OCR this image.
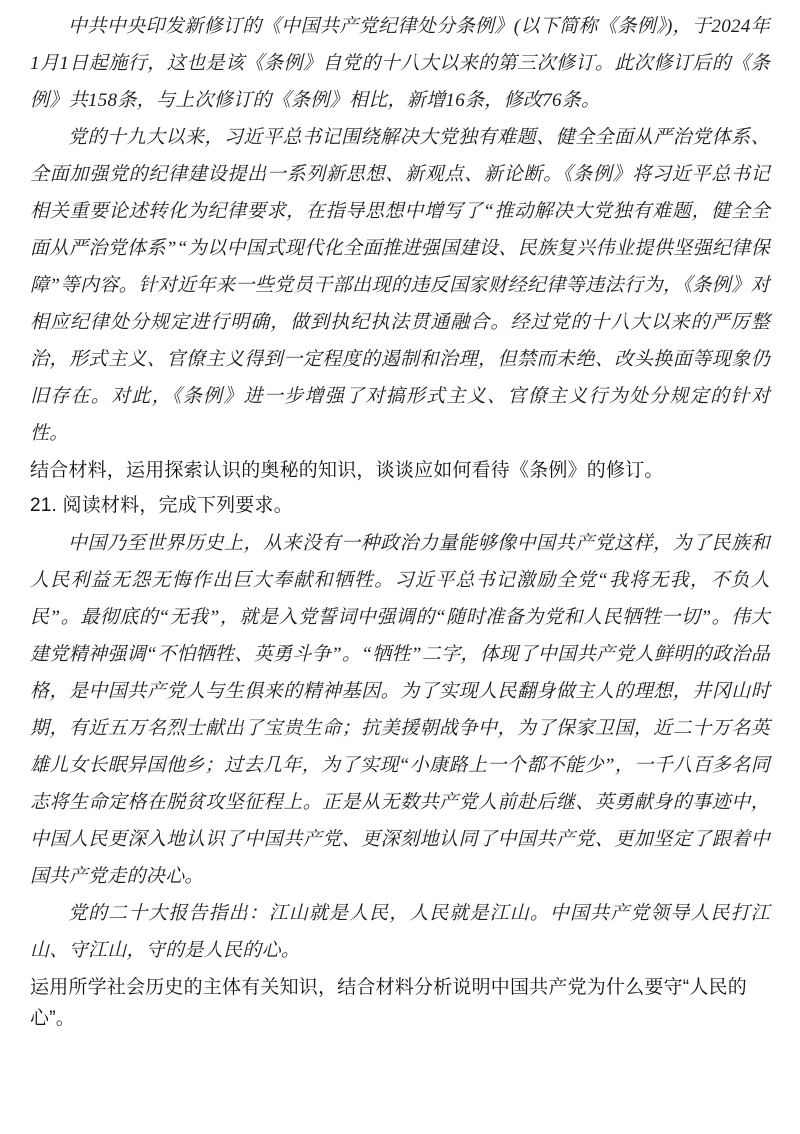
中共中央印发新修订的《中国共产党纪律处分条例》(以下简称《条例》)，于2024年1月1日起施行，这也是该《条例》自党的十八大以来的第三次修订。此次修订后的《条例》共158条，与上次修订的《条例》相比，新增16条，修改76条。

党的十九大以来，习近平总书记围绕解决大党独有难题、健全全面从严治党体系、全面加强党的纪律建设提出一系列新思想、新观点、新论断。《条例》将习近平总书记相关重要论述转化为纪律要求，在指导思想中增写了“推动解决大党独有难题，健全全面从严治党体系”“为以中国式现代化全面推进强国建设、民族复兴伟业提供坚强纪律保障”等内容。针对近年来一些党员干部出现的违反国家财经纪律等违法行为，《条例》对相应纪律处分规定进行明确，做到执纪执法贯通融合。经过党的十八大以来的严厉整治，形式主义、官僚主义得到一定程度的遏制和治理，但禁而未绝、改头换面等现象仍旧存在。对此，《条例》进一步增强了对搞形式主义、官僚主义行为处分规定的针对性。

结合材料，运用探索认识的奥秘的知识，谈谈应如何看待《条例》的修订。

21. 阅读材料，完成下列要求。

中国乃至世界历史上，从来没有一种政治力量能够像中国共产党这样，为了民族和人民利益无怨无悔作出巨大奉献和牺牲。习近平总书记激励全党“我将无我，不负人民”。最彻底的“无我”，就是入党誓词中强调的“随时准备为党和人民牺牲一切”。伟大建党精神强调“不怕牺牲、英勇斗争”。“牺牲”二字，体现了中国共产党人鲜明的政治品格，是中国共产党人与生俱来的精神基因。为了实现人民翻身做主人的理想，井冈山时期，有近五万名烈士献出了宝贵生命；抗美援朝战争中，为了保家卫国，近二十万名英雄儿女长眠异国他乡；过去几年，为了实现“小康路上一个都不能少”，一千八百多名同志将生命定格在脱贫攻坚征程上。正是从无数共产党人前赴后继、英勇献身的事迹中，中国人民更深入地认识了中国共产党、更深刻地认同了中国共产党、更加坚定了跟着中国共产党走的决心。

党的二十大报告指出：江山就是人民，人民就是江山。中国共产党领导人民打江山、守江山，守的是人民的心。

运用所学社会历史的主体有关知识，结合材料分析说明中国共产党为什么要守“人民的心”。
